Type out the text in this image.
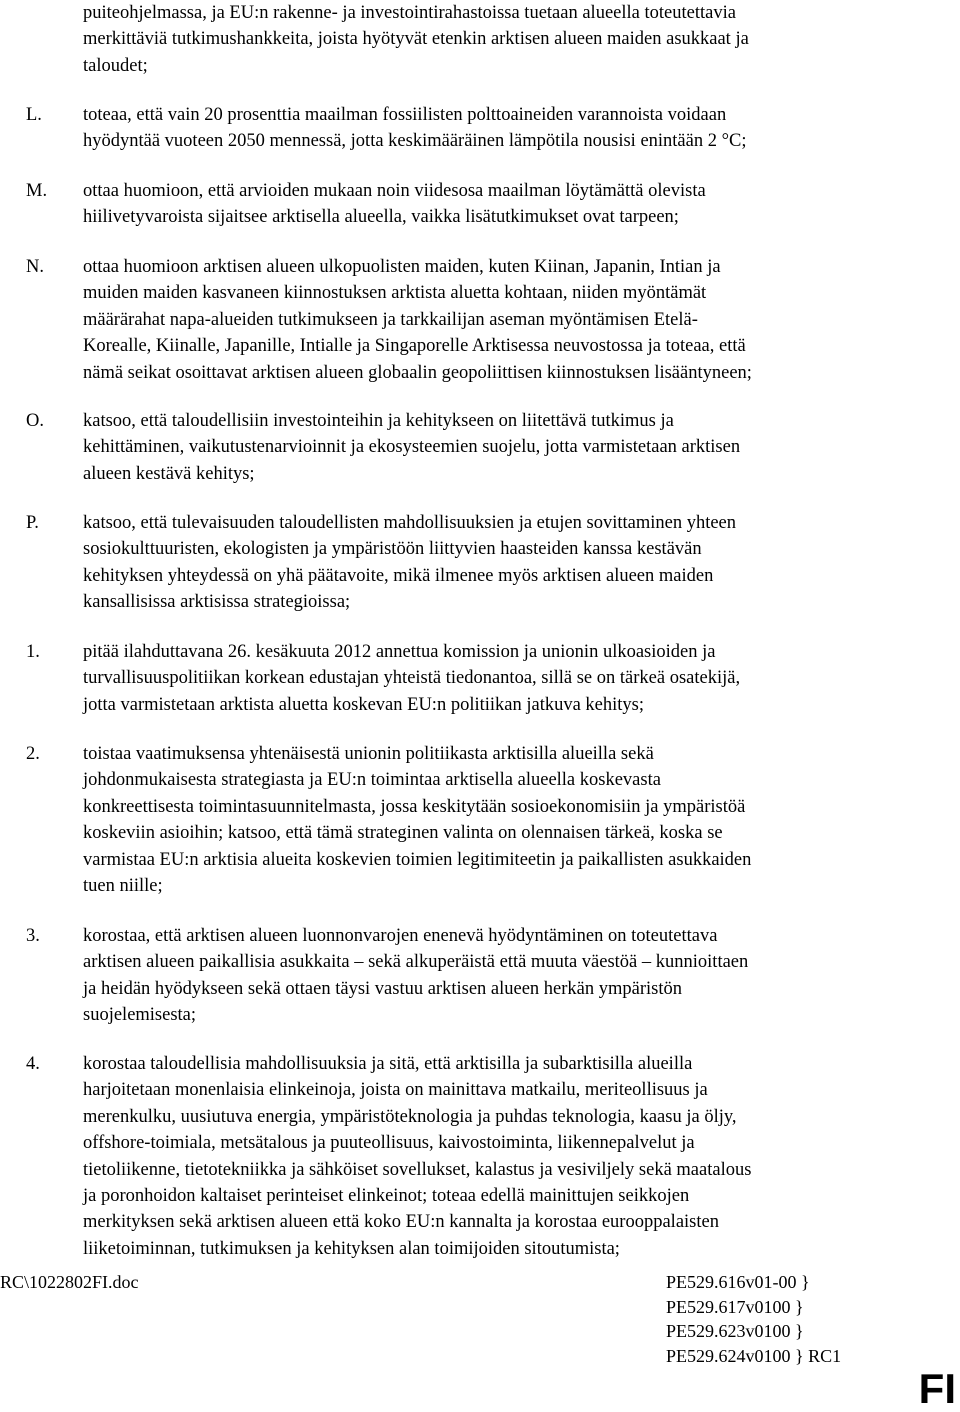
puiteohjelmassa, ja EU:n rakenne- ja investointirahastoissa tuetaan alueella toteutettavia
merkittäviä tutkimushankkeita, joista hyötyvät etenkin arktisen alueen maiden asukkaat ja
taloudet;
L. toteaa, että vain 20 prosenttia maailman fossiilisten polttoaineiden varannoista voidaan
hyödyntää vuoteen 2050 mennessä, jotta keskimääräinen lämpötila nousisi enintään 2 °C;
M. ottaa huomioon, että arvioiden mukaan noin viidesosa maailman löytämättä olevista
hiilivetyvaroista sijaitsee arktisella alueella, vaikka lisätutkimukset ovat tarpeen;
N. ottaa huomioon arktisen alueen ulkopuolisten maiden, kuten Kiinan, Japanin, Intian ja
muiden maiden kasvaneen kiinnostuksen arktista aluetta kohtaan, niiden myöntämät
määrärahat napa-alueiden tutkimukseen ja tarkkailijan aseman myöntämisen Etelä-
Korealle, Kiinalle, Japanille, Intialle ja Singaporelle Arktisessa neuvostossa ja toteaa, että
nämä seikat osoittavat arktisen alueen globaalin geopoliittisen kiinnostuksen lisääntyneen;
O. katsoo, että taloudellisiin investointeihin ja kehitykseen on liitettävä tutkimus ja
kehittäminen, vaikutustenarvioinnit ja ekosysteemien suojelu, jotta varmistetaan arktisen
alueen kestävä kehitys;
P. katsoo, että tulevaisuuden taloudellisten mahdollisuuksien ja etujen sovittaminen yhteen
sosiokulttuuristen, ekologisten ja ympäristöön liittyvien haasteiden kanssa kestävän
kehityksen yhteydessä on yhä päätavoite, mikä ilmenee myös arktisen alueen maiden
kansallisissa arktisissa strategioissa;
1. pitää ilahduttavana 26. kesäkuuta 2012 annettua komission ja unionin ulkoasioiden ja
turvallisuuspolitiikan korkean edustajan yhteistä tiedonantoa, sillä se on tärkeä osatekijä,
jotta varmistetaan arktista aluetta koskevan EU:n politiikan jatkuva kehitys;
2. toistaa vaatimuksensa yhtenäisestä unionin politiikasta arktisilla alueilla sekä
johdonmukaisesta strategiasta ja EU:n toimintaa arktisella alueella koskevasta
konkreettisesta toimintasuunnitelmasta, jossa keskitytään sosioekonomisiin ja ympäristöä
koskeviin asioihin; katsoo, että tämä strateginen valinta on olennaisen tärkeä, koska se
varmistaa EU:n arktisia alueita koskevien toimien legitimiteetin ja paikallisten asukkaiden
tuen niille;
3. korostaa, että arktisen alueen luonnonvarojen enenevä hyödyntäminen on toteutettava
arktisen alueen paikallisia asukkaita – sekä alkuperäistä että muuta väestöä – kunnioittaen
ja heidän hyödykseen sekä ottaen täysi vastuu arktisen alueen herkän ympäristön
suojelemisesta;
4. korostaa taloudellisia mahdollisuuksia ja sitä, että arktisilla ja subarktisilla alueilla
harjoitetaan monenlaisia elinkeinoja, joista on mainittava matkailu, meriteollisuus ja
merenkulku, uusiutuva energia, ympäristöteknologia ja puhdas teknologia, kaasu ja öljy,
offshore-toimiala, metsätalous ja puuteollisuus, kaivostoiminta, liikennepalvelut ja
tietoliikenne, tietotekniikka ja sähköiset sovellukset, kalastus ja vesiviljely sekä maatalous
ja poronhoidon kaltaiset perinteiset elinkeinot; toteaa edellä mainittujen seikkojen
merkityksen sekä arktisen alueen että koko EU:n kannalta ja korostaa eurooppalaisten
liiketoiminnan, tutkimuksen ja kehityksen alan toimijoiden sitoutumista;
RC\1022802FI.doc	PE529.616v01-00 }
PE529.617v0100 }
PE529.623v0100 }
PE529.624v0100 } RC1
FI
